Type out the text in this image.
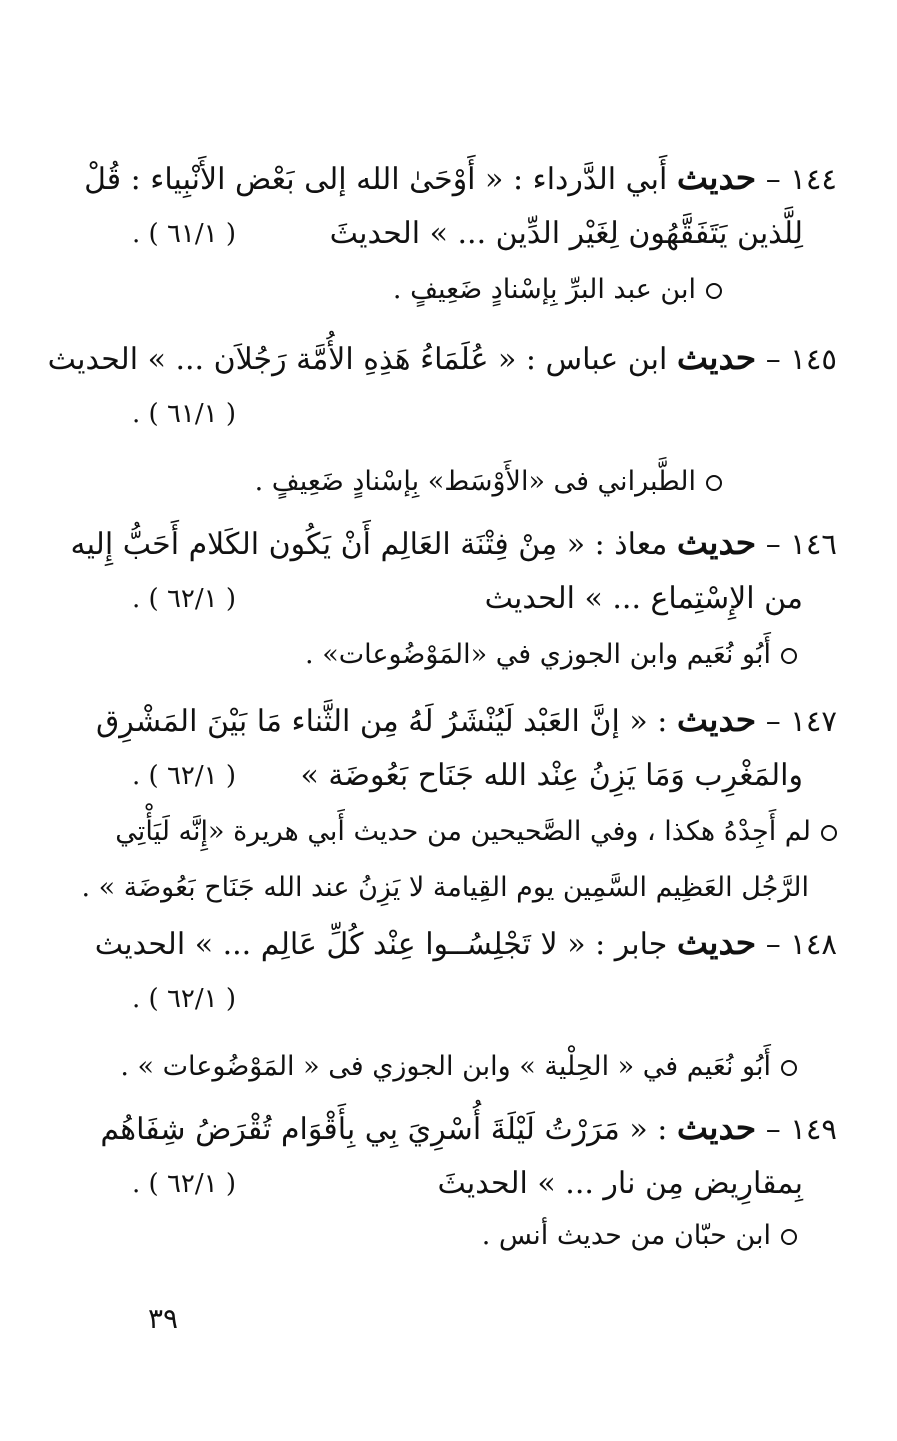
١٤٤ – حديث أَبي الدَّرداء : « أَوْحَىٰ الله إلى بَعْض الأَنْبِياء : قُلْ
لِلَّذين يَتَفَقَّهُون لِغَيْر الدِّين ... » الحديثَ
( ٦١/١ ) .
ابن عبد البرِّ بِإسْنادٍ ضَعِيفٍ .
١٤٥ – حديث ابن عباس : « عُلَمَاءُ هَذِهِ الأُمَّة رَجُلاَن ... » الحديث
( ٦١/١ ) .
الطَّبراني فى «الأَوْسَط» بِإسْنادٍ ضَعِيفٍ .
١٤٦ – حديث معاذ : « مِنْ فِتْنَة العَالِم أَنْ يَكُون الكَلام أَحَبُّ إِليه
من الإِسْتِماع ... » الحديث
( ٦٢/١ ) .
أَبُو نُعَيم وابن الجوزي في «المَوْضُوعات» .
١٤٧ – حديث : « إنَّ العَبْد لَيُنْشَرُ لَهُ مِن الثَّناء مَا بَيْنَ المَشْرِق
والمَغْرِب وَمَا يَزِنُ عِنْد الله جَنَاح بَعُوضَة »
( ٦٢/١ ) .
لم أَجِدْهُ هكذا ، وفي الصَّحيحين من حديث أَبي هريرة «إِنَّه لَيَأْتِي
الرَّجُل العَظِيم السَّمِين يوم القِيامة لا يَزِنُ عند الله جَنَاح بَعُوضَة » .
١٤٨ – حديث جابر : « لا تَجْلِسُــوا عِنْد كُلِّ عَالِم ... » الحديث
( ٦٢/١ ) .
أَبُو نُعَيم في « الحِلْية » وابن الجوزي فى « المَوْضُوعات » .
١٤٩ – حديث : « مَرَرْتُ لَيْلَةَ أُسْرِيَ بِي بِأَقْوَام تُقْرَضُ شِفَاهُم
بِمقارِيض مِن نار ... » الحديثَ
( ٦٢/١ ) .
ابن حبّان من حديث أنس .
٣٩
